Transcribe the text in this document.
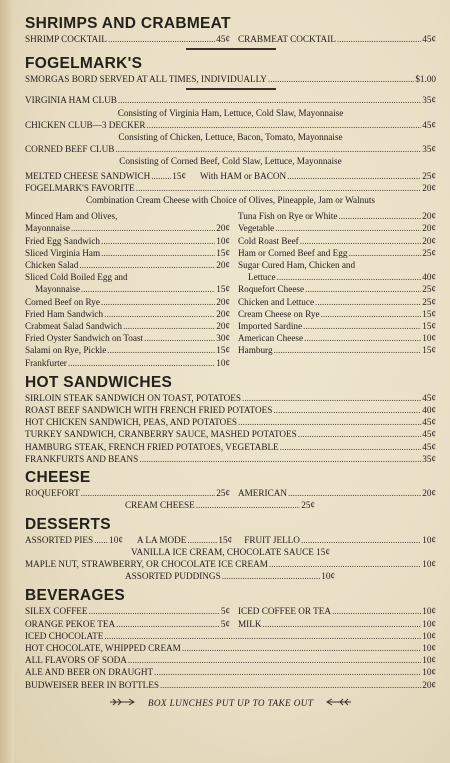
SHRIMPS AND CRABMEAT
SHRIMP COCKTAIL .....	45¢ CRABMEAT COCKTAIL .....	45¢
FOGELMARK'S
SMORGAS BORD SERVED AT ALL TIMES, INDIVIDUALLY .....	$1.00
VIRGINIA HAM CLUB .....	35¢
Consisting of Virginia Ham, Lettuce, Cold Slaw, Mayonnaise
CHICKEN CLUB—3 DECKER .....	45¢
Consisting of Chicken, Lettuce, Bacon, Tomato, Mayonnaise
CORNED BEEF CLUB .....	35¢
Consisting of Corned Beef, Cold Slaw, Lettuce, Mayonnaise
MELTED CHEESE SANDWICH ..... 15¢ With HAM or BACON .....	25¢
FOGELMARK'S FAVORITE .....	20¢
Combination Cream Cheese with Choice of Olives, Pineapple, Jam or Walnuts
Minced Ham and Olives,
Mayonnaise .....	20¢
Fried Egg Sandwich .....	10¢
Sliced Virginia Ham .....	15¢
Chicken Salad .....	20¢
Sliced Cold Boiled Egg and
Mayonnaise .....	15¢
Corned Beef on Rye .....	20¢
Fried Ham Sandwich .....	20¢
Crabmeat Salad Sandwich .....	20¢
Fried Oyster Sandwich on Toast .....	30¢
Salami on Rye, Pickle .....	15¢
Frankfurter .....	10¢
Tuna Fish on Rye or White .....	20¢
Vegetable .....	20¢
Cold Roast Beef .....	20¢
Ham or Corned Beef and Egg .....	25¢
Sugar Cured Ham, Chicken and
Lettuce .....	40¢
Roquefort Cheese .....	25¢
Chicken and Lettuce .....	25¢
Cream Cheese on Rye .....	15¢
Imported Sardine .....	15¢
American Cheese .....	10¢
Hamburg .....	15¢
HOT SANDWICHES
SIRLOIN STEAK SANDWICH ON TOAST, POTATOES .....	45¢
ROAST BEEF SANDWICH WITH FRENCH FRIED POTATOES .....	40¢
HOT CHICKEN SANDWICH, PEAS, AND POTATOES .....	45¢
TURKEY SANDWICH, CRANBERRY SAUCE, MASHED POTATOES .....	45¢
HAMBURG STEAK, FRENCH FRIED POTATOES, VEGETABLE .....	45¢
FRANKFURTS AND BEANS .....	35¢
CHEESE
ROQUEFORT .....	25¢ AMERICAN .....	20¢
CREAM CHEESE .....	25¢
DESSERTS
ASSORTED PIES ..... 10¢ A LA MODE .....	15¢ FRUIT JELLO .....	10¢
VANILLA ICE CREAM, CHOCOLATE SAUCE 15¢
MAPLE NUT, STRAWBERRY, OR CHOCOLATE ICE CREAM .....	10¢
ASSORTED PUDDINGS .....	10¢
BEVERAGES
SILEX COFFEE .....	5¢ ICED COFFEE OR TEA .....	10¢
ORANGE PEKOE TEA .....	5¢ MILK .....	10¢
ICED CHOCOLATE .....	10¢
HOT CHOCOLATE, WHIPPED CREAM .....	10¢
ALL FLAVORS OF SODA .....	10¢
ALE AND BEER ON DRAUGHT .....	10¢
BUDWEISER BEER IN BOTTLES .....	20¢
BOX LUNCHES PUT UP TO TAKE OUT
